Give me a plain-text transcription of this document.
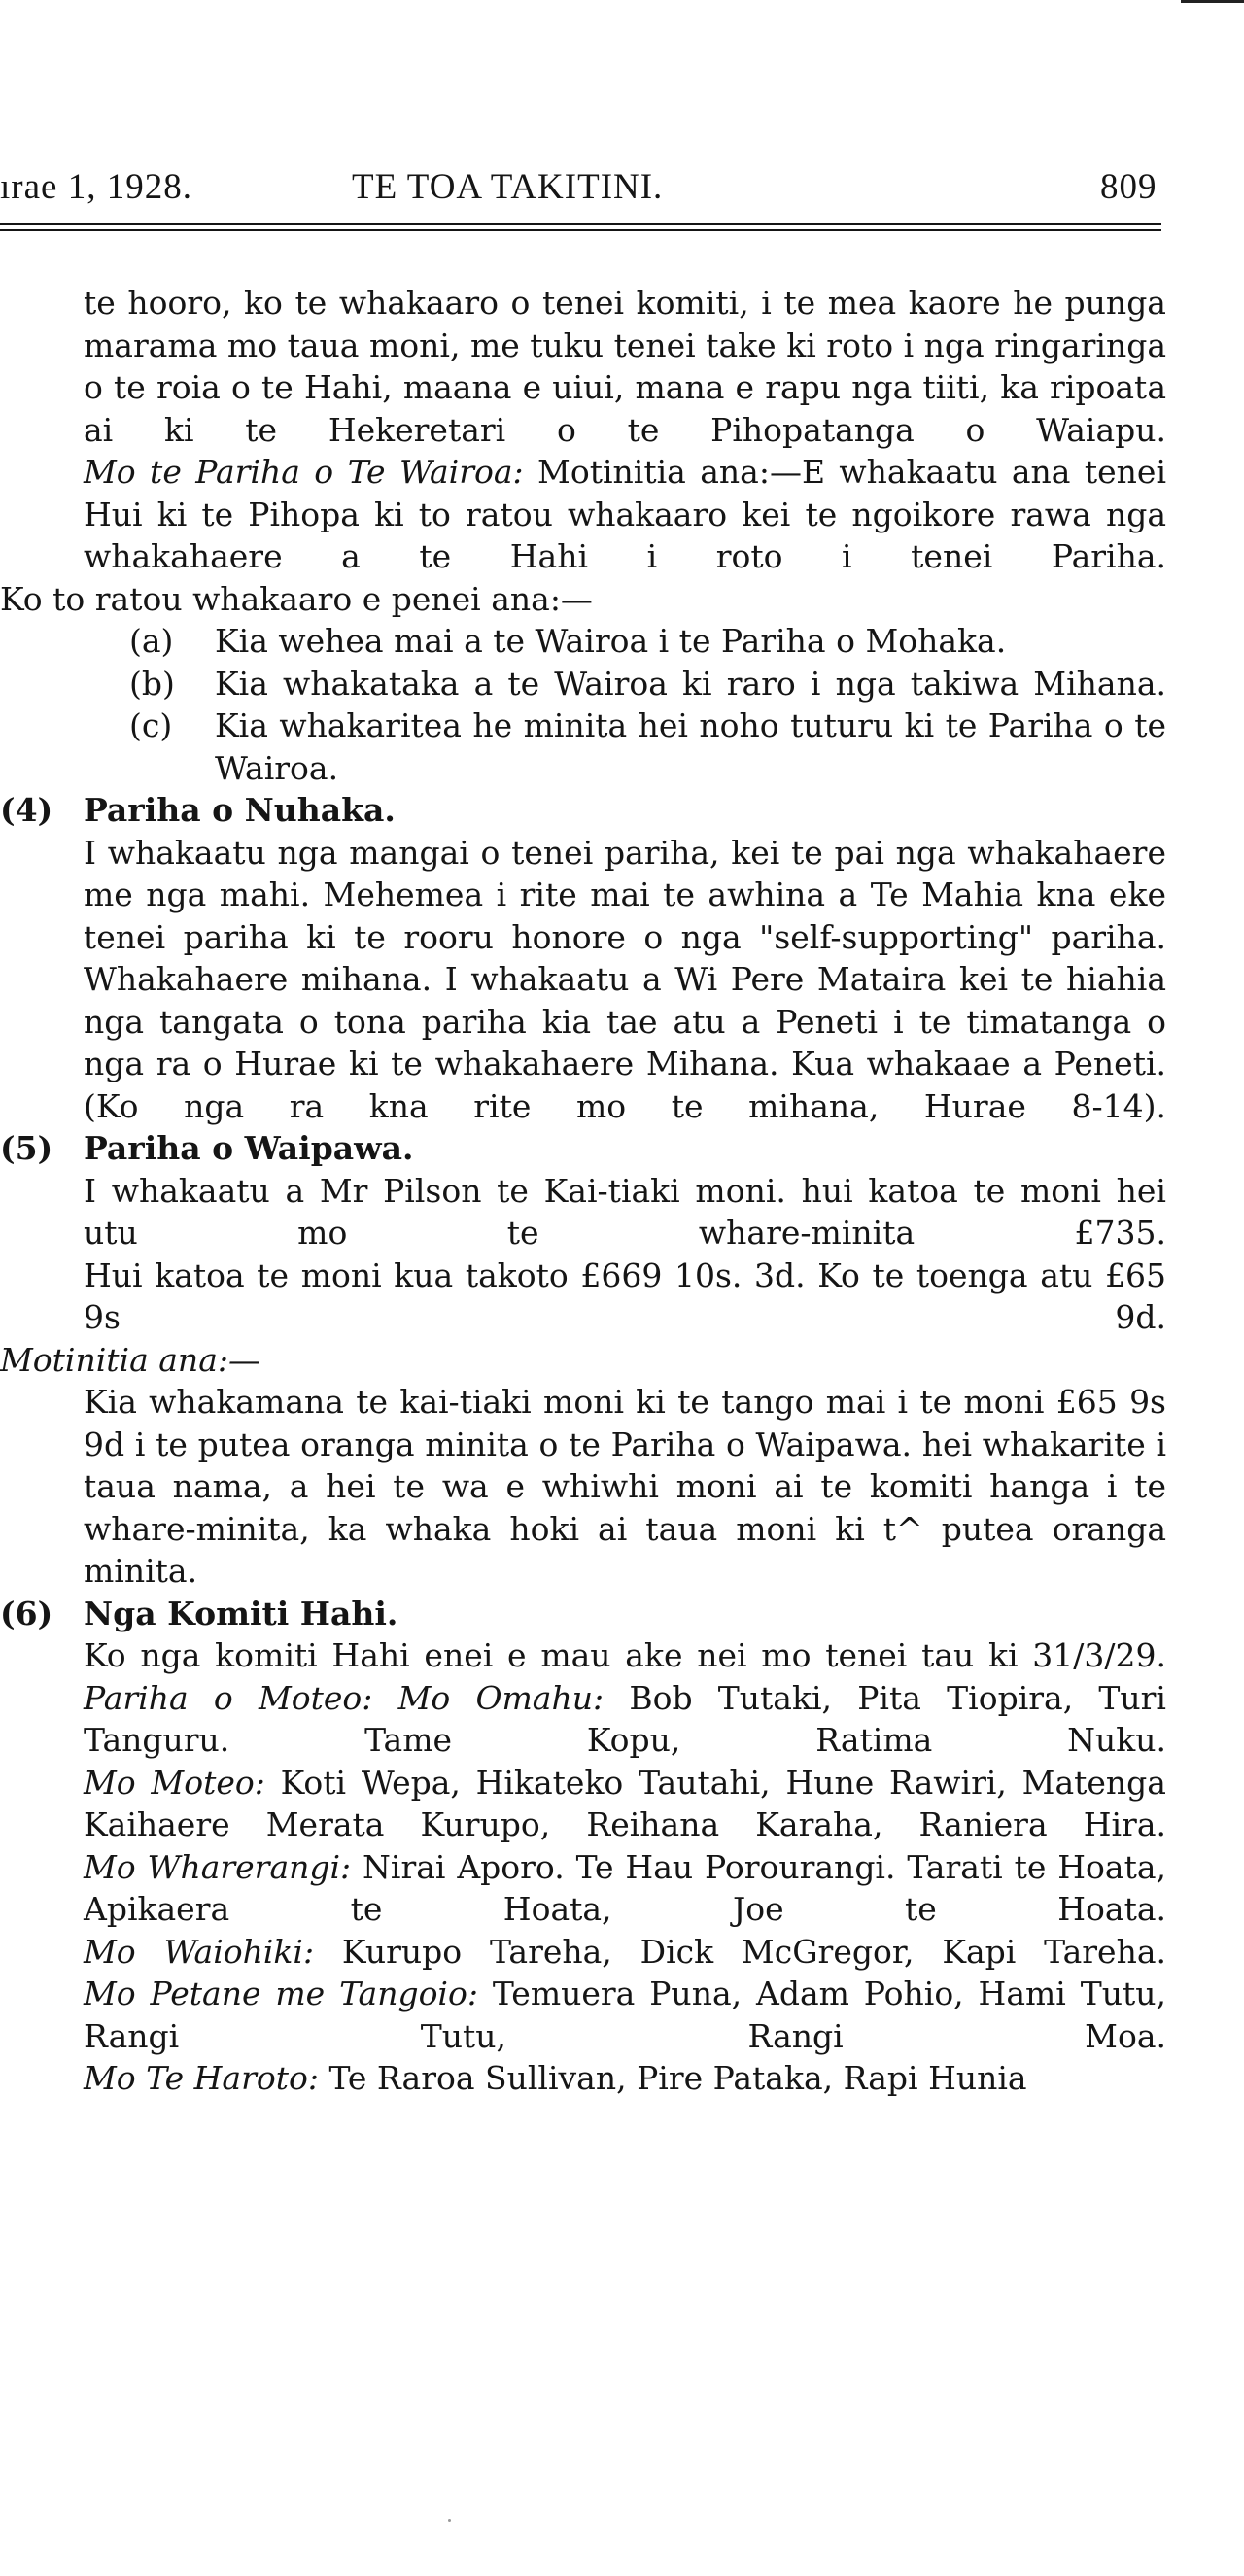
ırae 1, 1928.	TE TOA TAKITINI.	809

te hooro, ko te whakaaro o tenei komiti, i te mea kaore he punga marama mo taua moni, me tuku tenei take ki roto i nga ringaringa o te roia o te Hahi, maana e uiui, mana e rapu nga tiiti, ka ripoata ai ki te Hekeretari o te Pihopatanga o Waiapu.

Mo te Pariha o Te Wairoa: Motinitia ana:—E whakaatu ana tenei Hui ki te Pihopa ki to ratou whakaaro kei te ngoikore rawa nga whakahaere a te Hahi i roto i tenei Pariha.

Ko to ratou whakaaro e penei ana:—

(a) Kia wehea mai a te Wairoa i te Pariha o Mohaka.

(b) Kia whakataka a te Wairoa ki raro i nga takiwa Mihana.

(c) Kia whakaritea he minita hei noho tuturu ki te Pariha o te Wairoa.

(4) Pariha o Nuhaka.

I whakaatu nga mangai o tenei pariha, kei te pai nga whakahaere me nga mahi. Mehemea i rite mai te awhina a Te Mahia kna eke tenei pariha ki te rooru honore o nga "self-supporting" pariha.

Whakahaere mihana. I whakaatu a Wi Pere Mataira kei te hiahia nga tangata o tona pariha kia tae atu a Peneti i te timatanga o nga ra o Hurae ki te whakahaere Mihana. Kua whakaae a Peneti. (Ko nga ra kna rite mo te mihana, Hurae 8-14).

(5) Pariha o Waipawa.

I whakaatu a Mr Pilson te Kai-tiaki moni. hui katoa te moni hei utu mo te whare-minita £735.

Hui katoa te moni kua takoto £669 10s. 3d. Ko te toenga atu £65 9s 9d.

Motinitia ana:—

Kia whakamana te kai-tiaki moni ki te tango mai i te moni £65 9s 9d i te putea oranga minita o te Pariha o Waipawa. hei whakarite i taua nama, a hei te wa e whiwhi moni ai te komiti hanga i te whare-minita, ka whaka hoki ai taua moni ki t^ putea oranga minita.

(6) Nga Komiti Hahi.

Ko nga komiti Hahi enei e mau ake nei mo tenei tau ki 31/3/29.

Pariha o Moteo: Mo Omahu: Bob Tutaki, Pita Tiopira, Turi Tanguru. Tame Kopu, Ratima Nuku.

Mo Moteo: Koti Wepa, Hikateko Tautahi, Hune Rawiri, Matenga Kaihaere Merata Kurupo, Reihana Karaha, Raniera Hira.

Mo Wharerangi: Nirai Aporo. Te Hau Porourangi. Tarati te Hoata, Apikaera te Hoata, Joe te Hoata.

Mo Waiohiki: Kurupo Tareha, Dick McGregor, Kapi Tareha.

Mo Petane me Tangoio: Temuera Puna, Adam Pohio, Hami Tutu, Rangi Tutu, Rangi Moa.

Mo Te Haroto: Te Raroa Sullivan, Pire Pataka, Rapi Hunia
